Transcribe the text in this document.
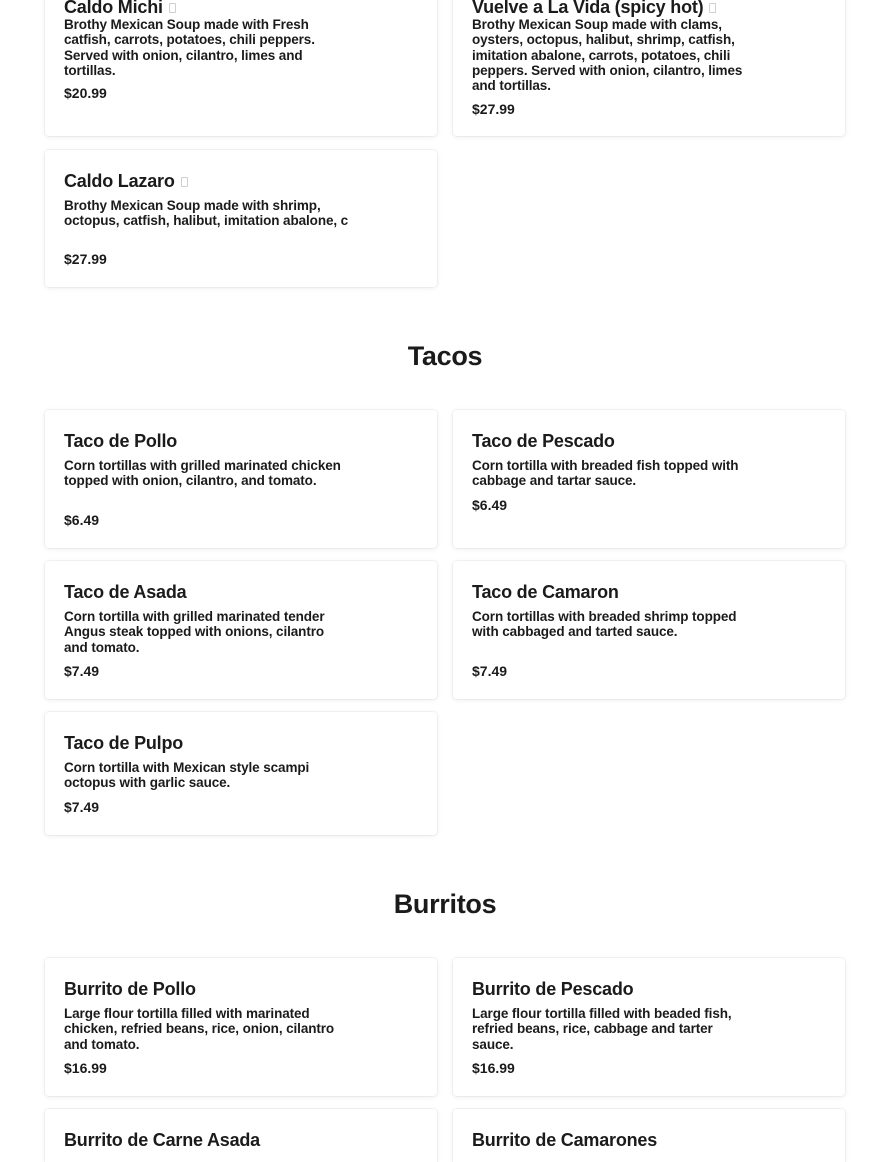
Caldo Michi

Brothy Mexican Soup made with Fresh catfish, carrots, potatoes, chili peppers. Served with onion, cilantro, limes and tortillas.

$20.99

Vuelve a La Vida (spicy hot)

Brothy Mexican Soup made with clams, oysters, octopus, halibut, shrimp, catfish, imitation abalone, carrots, potatoes, chili peppers. Served with onion, cilantro, limes and tortillas.

$27.99

Caldo Lazaro

Brothy Mexican Soup made with shrimp, octopus, catfish, halibut, imitation abalone, c

$27.99

Tacos
Taco de Pollo

Corn tortillas with grilled marinated chicken topped with onion, cilantro, and tomato.

$6.49

Taco de Pescado

Corn tortilla with breaded fish topped with cabbage and tartar sauce.

$6.49

Taco de Asada

Corn tortilla with grilled marinated tender Angus steak topped with onions, cilantro and tomato.

$7.49

Taco de Camaron

Corn tortillas with breaded shrimp topped with cabbaged and tarted sauce.

$7.49

Taco de Pulpo

Corn tortilla with Mexican style scampi octopus with garlic sauce.

$7.49

Burritos
Burrito de Pollo

Large flour tortilla filled with marinated chicken, refried beans, rice, onion, cilantro and tomato.

$16.99

Burrito de Pescado

Large flour tortilla filled with beaded fish, refried beans, rice, cabbage and tarter sauce.

$16.99

Burrito de Carne Asada	Burrito de Camarones
